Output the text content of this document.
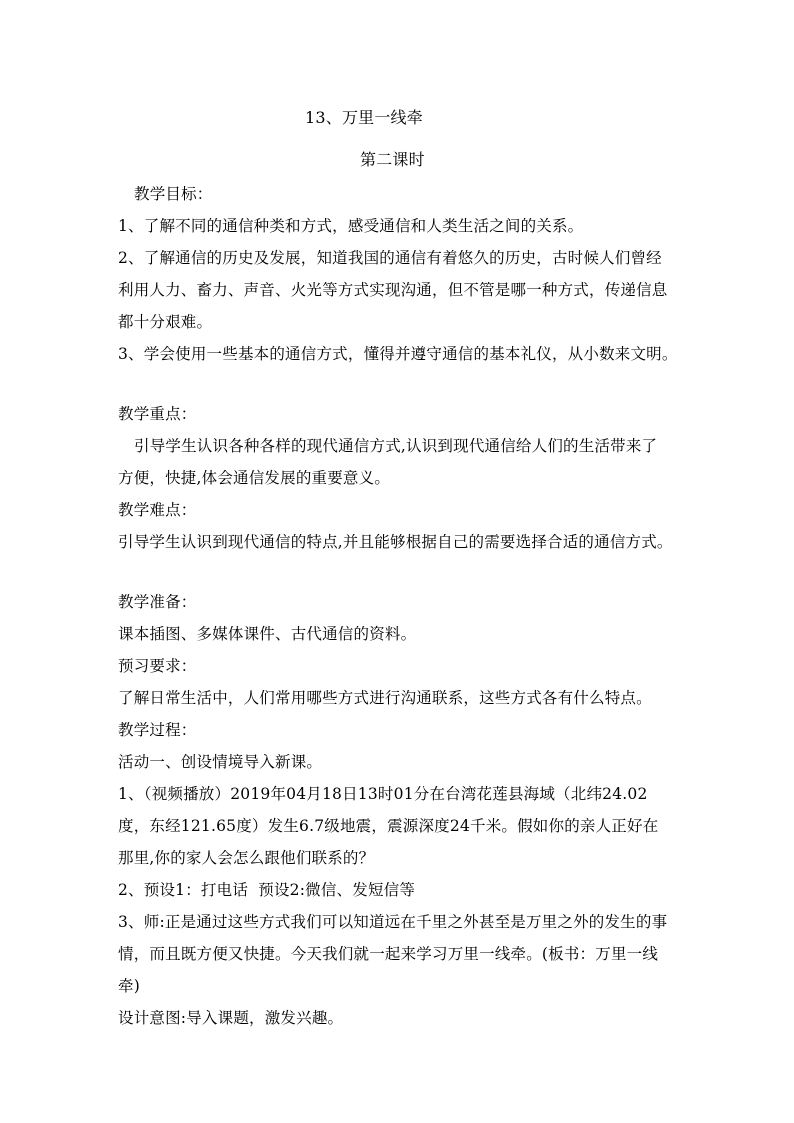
13、万里一线牵
第二课时
教学目标：
1、了解不同的通信种类和方式，感受通信和人类生活之间的关系。
2、了解通信的历史及发展，知道我国的通信有着悠久的历史，古时候人们曾经
利用人力、畜力、声音、火光等方式实现沟通，但不管是哪一种方式，传递信息
都十分艰难。
3、学会使用一些基本的通信方式，懂得并遵守通信的基本礼仪，从小数来文明。
教学重点：
引导学生认识各种各样的现代通信方式,认识到现代通信给人们的生活带来了
方便，快捷,体会通信发展的重要意义。
教学难点：
引导学生认识到现代通信的特点,并且能够根据自己的需要选择合适的通信方式。
教学准备：
课本插图、多媒体课件、古代通信的资料。
预习要求：
了解日常生活中，人们常用哪些方式进行沟通联系，这些方式各有什么特点。
教学过程：
活动一、创设情境导入新课。
1、（视频播放）2019年04月18日13时01分在台湾花莲县海域（北纬24.02
度，东经121.65度）发生6.7级地震，震源深度24千米。假如你的亲人正好在
那里,你的家人会怎么跟他们联系的？
2、预设1：打电话  预设2:微信、发短信等
3、师:正是通过这些方式我们可以知道远在千里之外甚至是万里之外的发生的事
情，而且既方便又快捷。今天我们就一起来学习万里一线牵。(板书：万里一线
牵)
设计意图:导入课题，激发兴趣。
